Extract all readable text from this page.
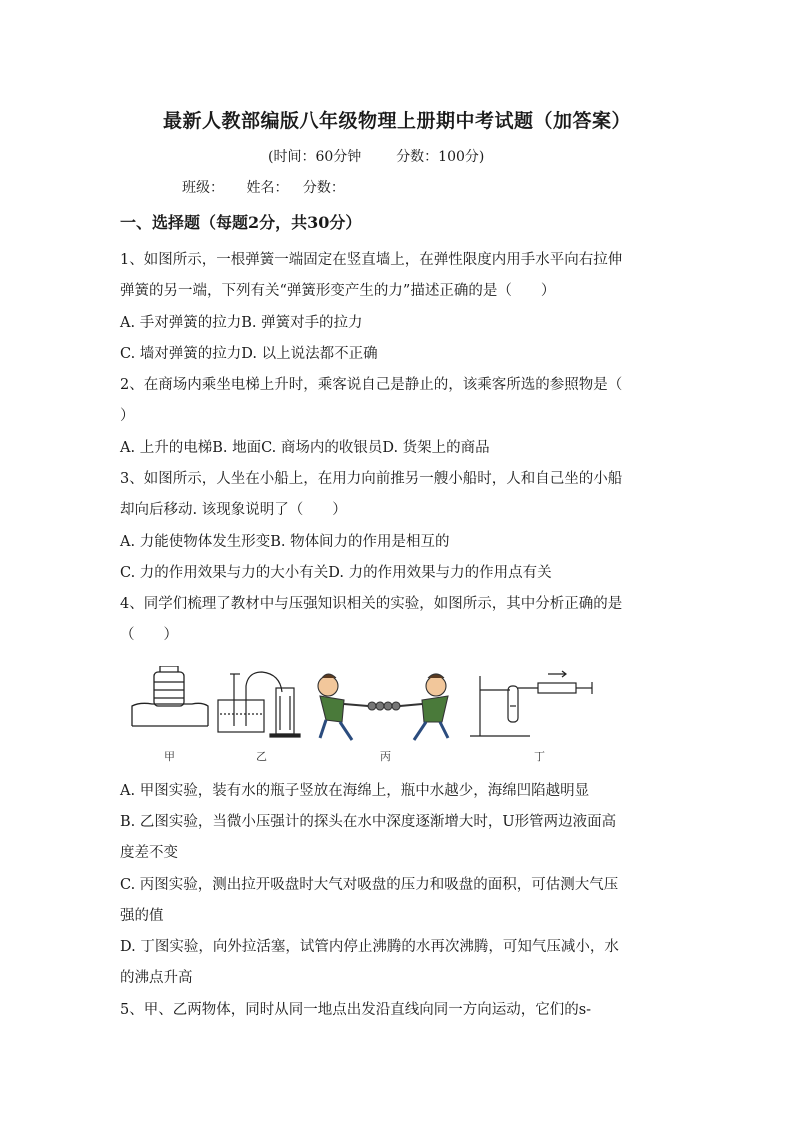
最新人教部编版八年级物理上册期中考试题（加答案）
(时间：60分钟 分数：100分)
班级： 姓名： 分数：
一、选择题（每题2分，共30分）
1、如图所示，一根弹簧一端固定在竖直墙上，在弹性限度内用手水平向右拉伸
弹簧的另一端，下列有关“弹簧形变产生的力”描述正确的是（　　）
A. 手对弹簧的拉力B. 弹簧对手的拉力
C. 墙对弹簧的拉力D. 以上说法都不正确
2、在商场内乘坐电梯上升时，乘客说自己是静止的，该乘客所选的参照物是（
）
A. 上升的电梯B. 地面C. 商场内的收银员D. 货架上的商品
3、如图所示，人坐在小船上，在用力向前推另一艘小船时，人和自己坐的小船
却向后移动. 该现象说明了（　　）
A. 力能使物体发生形变B. 物体间力的作用是相互的
C. 力的作用效果与力的大小有关D. 力的作用效果与力的作用点有关
4、同学们梳理了教材中与压强知识相关的实验，如图所示，其中分析正确的是
（　　）
甲	乙	丙	丁
A. 甲图实验，装有水的瓶子竖放在海绵上，瓶中水越少，海绵凹陷越明显
B. 乙图实验，当微小压强计的探头在水中深度逐渐增大时，U形管两边液面高
度差不变
C. 丙图实验，测出拉开吸盘时大气对吸盘的压力和吸盘的面积，可估测大气压
强的值
D. 丁图实验，向外拉活塞，试管内停止沸腾的水再次沸腾，可知气压减小，水
的沸点升高
5、甲、乙两物体，同时从同一地点出发沿直线向同一方向运动，它们的s-
